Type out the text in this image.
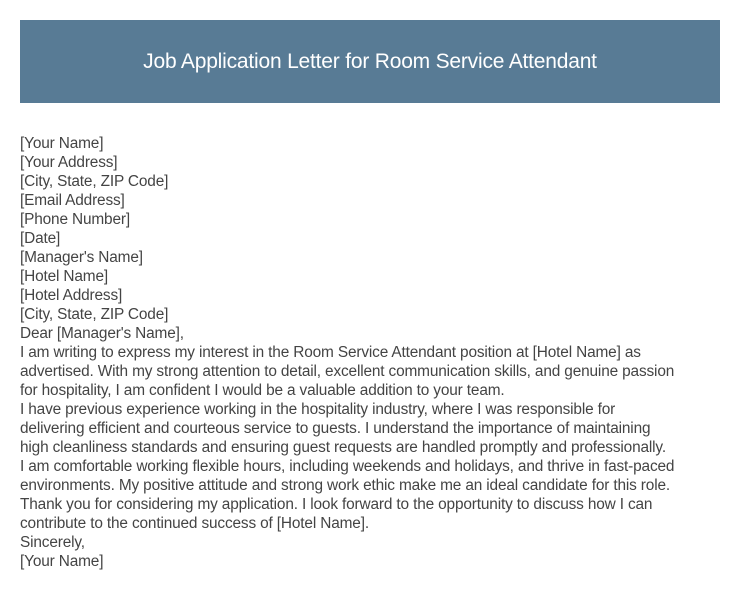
Job Application Letter for Room Service Attendant
[Your Name]
[Your Address]
[City, State, ZIP Code]
[Email Address]
[Phone Number]
[Date]
[Manager's Name]
[Hotel Name]
[Hotel Address]
[City, State, ZIP Code]
Dear [Manager's Name],
I am writing to express my interest in the Room Service Attendant position at [Hotel Name] as
advertised. With my strong attention to detail, excellent communication skills, and genuine passion
for hospitality, I am confident I would be a valuable addition to your team.
I have previous experience working in the hospitality industry, where I was responsible for
delivering efficient and courteous service to guests. I understand the importance of maintaining
high cleanliness standards and ensuring guest requests are handled promptly and professionally.
I am comfortable working flexible hours, including weekends and holidays, and thrive in fast-paced
environments. My positive attitude and strong work ethic make me an ideal candidate for this role.
Thank you for considering my application. I look forward to the opportunity to discuss how I can
contribute to the continued success of [Hotel Name].
Sincerely,
[Your Name]
